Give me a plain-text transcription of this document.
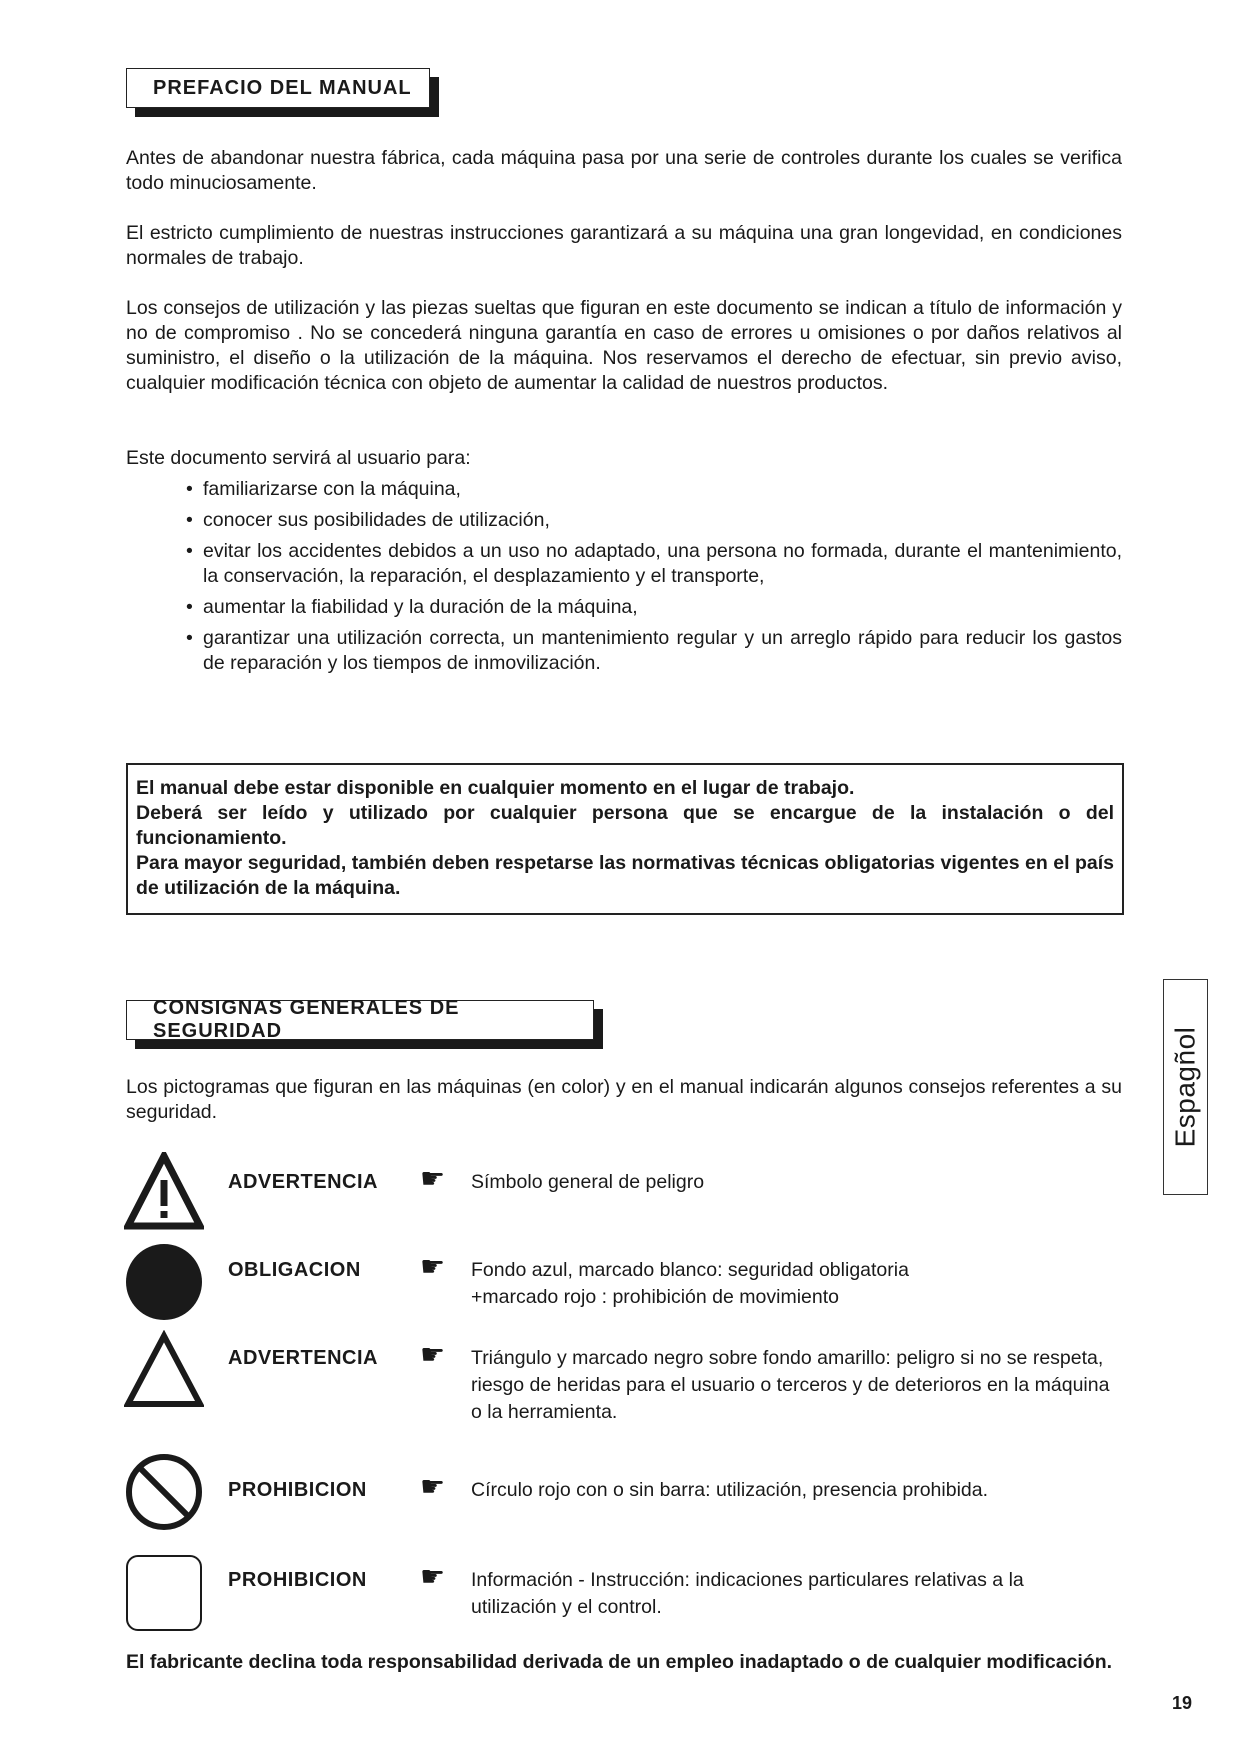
PREFACIO DEL MANUAL

Antes de abandonar nuestra fábrica, cada máquina pasa por una serie de controles durante los cuales se verifica todo minuciosamente.

El estricto cumplimiento de nuestras instrucciones garantizará a su máquina una gran longevidad, en condiciones normales de trabajo.

Los consejos de utilización y las piezas sueltas que figuran en este documento se indican a título de información y no de compromiso . No se concederá ninguna garantía en caso de errores u omisiones o por daños relativos al suministro, el diseño o la utilización de la máquina. Nos reservamos el derecho de efectuar, sin previo aviso, cualquier modificación técnica con objeto de aumentar la calidad de nuestros productos.

Este documento servirá al usuario para:

• familiarizarse con la máquina,
• conocer sus posibilidades de utilización,
• evitar los accidentes debidos a un uso no adaptado, una persona no formada, durante el mantenimiento, la conservación, la reparación, el desplazamiento y el transporte,
• aumentar la fiabilidad y la duración de la máquina,
• garantizar una utilización correcta, un mantenimiento regular y un arreglo rápido para reducir los gastos de reparación y los tiempos de inmovilización.

El manual debe estar disponible en cualquier momento en el lugar de trabajo.

Deberá ser leído y utilizado por cualquier persona que se encargue de la instalación o del funcionamiento.

Para mayor seguridad, también deben respetarse las normativas técnicas obligatorias vigentes en el país de utilización de la máquina.

Espagñol
CONSIGNAS GENERALES DE SEGURIDAD

Los pictogramas que figuran en las máquinas (en color) y en el manual indicarán algunos consejos referentes a su seguridad.

ADVERTENCIA ☛ Símbolo general de peligro
OBLIGACION ☛ Fondo azul, marcado blanco: seguridad obligatoria
+marcado rojo : prohibición de movimiento
ADVERTENCIA ☛ Triángulo y marcado negro sobre fondo amarillo: peligro si no se respeta, riesgo de heridas para el usuario o terceros y de deterioros en la máquina o la herramienta.
PROHIBICION ☛ Círculo rojo con o sin barra: utilización, presencia prohibida.
PROHIBICION ☛ Información - Instrucción: indicaciones particulares relativas a la utilización y el control.

El fabricante declina toda responsabilidad derivada de un empleo inadaptado o de cualquier modificación.

19
